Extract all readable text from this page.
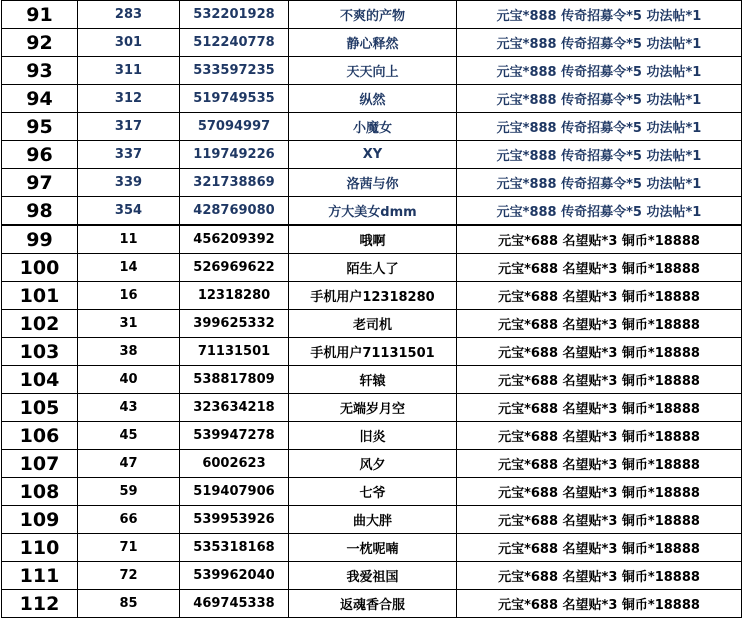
91	283	532201928	不爽的产物	元宝*888 传奇招募令*5 功法帖*1
92	301	512240778	静心释然	元宝*888 传奇招募令*5 功法帖*1
93	311	533597235	天天向上	元宝*888 传奇招募令*5 功法帖*1
94	312	519749535	纵然	元宝*888 传奇招募令*5 功法帖*1
95	317	57094997	小魔女	元宝*888 传奇招募令*5 功法帖*1
96	337	119749226	XY	元宝*888 传奇招募令*5 功法帖*1
97	339	321738869	洛茜与你	元宝*888 传奇招募令*5 功法帖*1
98	354	428769080	方大美女dmm	元宝*888 传奇招募令*5 功法帖*1
99	11	456209392	哦啊	元宝*688 名望贴*3 铜币*18888
100	14	526969622	陌生人了	元宝*688 名望贴*3 铜币*18888
101	16	12318280	手机用户12318280	元宝*688 名望贴*3 铜币*18888
102	31	399625332	老司机	元宝*688 名望贴*3 铜币*18888
103	38	71131501	手机用户71131501	元宝*688 名望贴*3 铜币*18888
104	40	538817809	轩辕	元宝*688 名望贴*3 铜币*18888
105	43	323634218	无端岁月空	元宝*688 名望贴*3 铜币*18888
106	45	539947278	旧炎	元宝*688 名望贴*3 铜币*18888
107	47	6002623	风夕	元宝*688 名望贴*3 铜币*18888
108	59	519407906	七爷	元宝*688 名望贴*3 铜币*18888
109	66	539953926	曲大胖	元宝*688 名望贴*3 铜币*18888
110	71	535318168	一枕呢喃	元宝*688 名望贴*3 铜币*18888
111	72	539962040	我爱祖国	元宝*688 名望贴*3 铜币*18888
112	85	469745338	返魂香合服	元宝*688 名望贴*3 铜币*18888
